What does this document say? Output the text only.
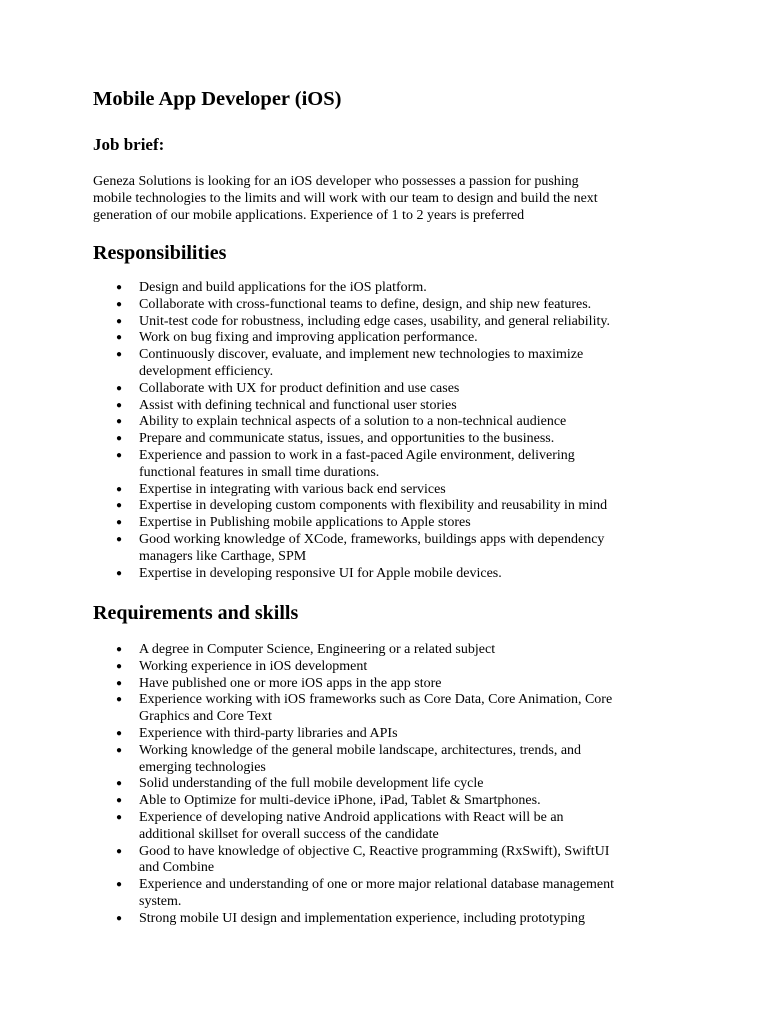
Mobile App Developer (iOS)
Job brief:

Geneza Solutions is looking for an iOS developer who possesses a passion for pushing
mobile technologies to the limits and will work with our team to design and build the next
generation of our mobile applications. Experience of 1 to 2 years is preferred

Responsibilities
● Design and build applications for the iOS platform.
● Collaborate with cross-functional teams to define, design, and ship new features.
● Unit-test code for robustness, including edge cases, usability, and general reliability.
● Work on bug fixing and improving application performance.
● Continuously discover, evaluate, and implement new technologies to maximize
development efficiency.
● Collaborate with UX for product definition and use cases
● Assist with defining technical and functional user stories
● Ability to explain technical aspects of a solution to a non-technical audience
● Prepare and communicate status, issues, and opportunities to the business.
● Experience and passion to work in a fast-paced Agile environment, delivering
functional features in small time durations.
● Expertise in integrating with various back end services
● Expertise in developing custom components with flexibility and reusability in mind
● Expertise in Publishing mobile applications to Apple stores
● Good working knowledge of XCode, frameworks, buildings apps with dependency
managers like Carthage, SPM
● Expertise in developing responsive UI for Apple mobile devices.
Requirements and skills
● A degree in Computer Science, Engineering or a related subject
● Working experience in iOS development
● Have published one or more iOS apps in the app store
● Experience working with iOS frameworks such as Core Data, Core Animation, Core
Graphics and Core Text
● Experience with third-party libraries and APIs
● Working knowledge of the general mobile landscape, architectures, trends, and
emerging technologies
● Solid understanding of the full mobile development life cycle
● Able to Optimize for multi-device iPhone, iPad, Tablet & Smartphones.
● Experience of developing native Android applications with React will be an
additional skillset for overall success of the candidate
● Good to have knowledge of objective C, Reactive programming (RxSwift), SwiftUI
and Combine
● Experience and understanding of one or more major relational database management
system.
● Strong mobile UI design and implementation experience, including prototyping
